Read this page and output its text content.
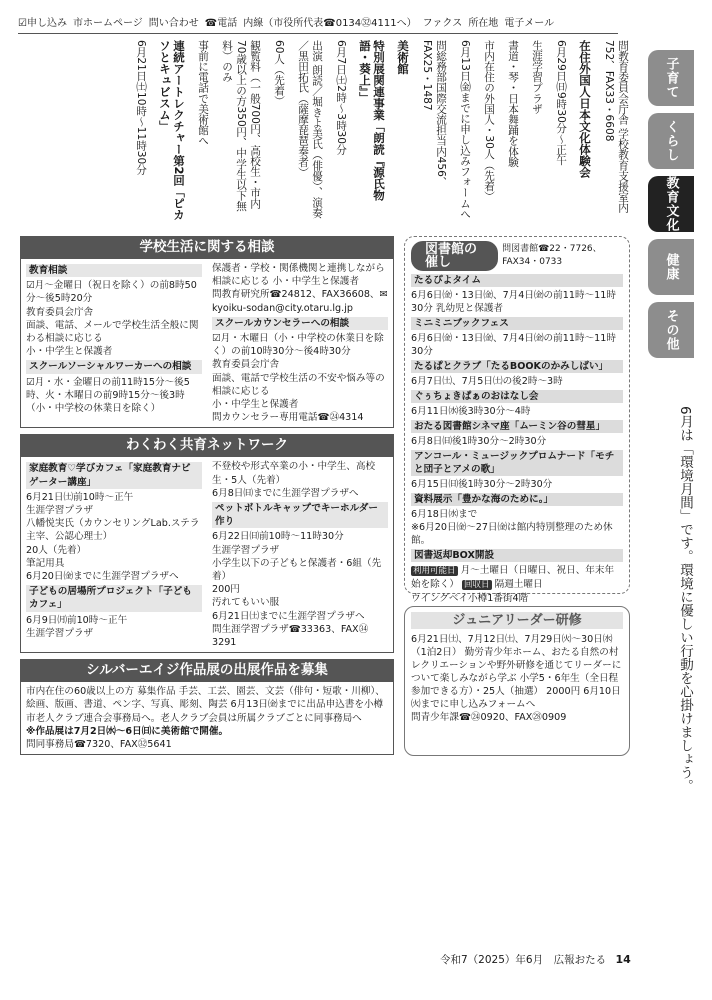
☑申し込み 市ホームページ 問い合わせ ☎電話 内線（市役所代表☎0134㉜4111へ） ファクス 所在地 電子メール
問教育委員会庁舎 学校教育支援室内752、FAX33・6608
在住外国人日本文化体験会
6月29日㈰9時30分～正午
生涯学習プラザ
書道・琴・日本舞踊を体験
市内在住の外国人・30人（先着）
6月13日㈮までに申し込みフォームへ
問総務部国際交流担当内456、FAX25・1487
美術館
特別展関連事業「朗読『源氏物語・葵上』」
6月7日㈯2時～3時30分
出演 朗読／堀きよ美氏（俳優）、演奏／黒田拓氏（薩摩琵琶奏者）
60人（先着）
観覧料（一般700円、高校生・市内70歳以上の方350円、中学生以下無料）のみ
事前に電話で美術館へ
連続アートレクチャー第2回「ピカソとキュビスム」
6月21日㈯10時～11時30分	子育て
くらし
教育文化
健康
その他
6月は「環境月間」です。環境に優しい行動を心掛けましょう。
学校生活に関する相談
教育相談
☑月～金曜日（祝日を除く）の前8時50分～後5時20分
教育委員会庁舎
面談、電話、メールで学校生活全般に関わる相談に応じる
小・中学生と保護者
スクールソーシャルワーカーへの相談
☑月・水・金曜日の前11時15分～後5時、火・木曜日の前9時15分～後3時（小・中学校の休業日を除く）
保護者・学校・関係機関と連携しながら相談に応じる 小・中学生と保護者
問教育研究所☎24812、FAX36608、✉kyoiku-sodan@city.otaru.lg.jp
スクールカウンセラーへの相談
☑月・木曜日（小・中学校の休業日を除く）の前10時30分～後4時30分
教育委員会庁舎
面談、電話で学校生活の不安や悩み等の相談に応じる
小・中学生と保護者
問カウンセラー専用電話☎㉔4314
わくわく共育ネットワーク
家庭教育♡学びカフェ「家庭教育ナビゲーター講座」
6月21日㈯前10時～正午
生涯学習プラザ
八幡悦実氏（カウンセリングLab.ステラ主宰、公認心理士）
20人（先着）
筆記用具
6月20日㈮までに生涯学習プラザへ
子どもの居場所プロジェクト「子どもカフェ」
6月9日㈪前10時～正午
生涯学習プラザ
不登校や形式卒業の小・中学生、高校生・5人（先着）
6月8日㈰までに生涯学習プラザへ
ペットボトルキャップでキーホルダー作り
6月22日㈰前10時～11時30分
生涯学習プラザ
小学生以下の子どもと保護者・6組（先着）
200円
汚れてもいい服
6月21日㈯までに生涯学習プラザへ
問生涯学習プラザ☎33363、FAX㉞3291
シルバーエイジ作品展の出展作品を募集
市内在住の60歳以上の方 募集作品 手芸、工芸、園芸、文芸（俳句・短歌・川柳）、絵画、版画、書道、ペン字、写真、彫刻、陶芸 6月13日㈮までに出品申込書を小樽市老人クラブ連合会事務局へ。老人クラブ会員は所属クラブごとに同事務局へ
※作品展は7月2日㈬～6日㈰に美術館で開催。
問同事務局☎7320、FAX㉜5641
図書館の催し
問図書館☎22・7726、FAX34・0733
たるぴよタイム
6月6日㈮・13日㈮、7月4日㈮の前11時～11時30分 乳幼児と保護者
ミニミニブックフェス
6月6日㈮・13日㈮、7月4日㈮の前11時～11時30分
たるぱとクラブ「たるBOOKのかみしばい」
6月7日㈯、7月5日㈯の後2時～3時
ぐぅちょきぱぁのおはなし会
6月11日㈬後3時30分～4時
おたる図書館シネマ座「ムーミン谷の彗星」
6月8日㈰後1時30分～2時30分
アンコール・ミュージックプロムナード「モチと団子とアメの歌」
6月15日㈰後1時30分～2時30分
資料展示「豊かな海のために。」
6月18日㈬まで
※6月20日㈮～27日㈮は館内特別整理のため休館。
図書返却BOX開設
利用可能日 月～土曜日（日曜日、祝日、年末年始を除く） 回収日 隔週土曜日
ウイングベイ小樽1番街4階
ジュニアリーダー研修
6月21日㈯、7月12日㈯、7月29日㈫～30日㈬（1泊2日） 勤労青少年ホーム、おたる自然の村 レクリエーションや野外研修を通じてリーダーについて楽しみながら学ぶ 小学5・6年生（全日程参加できる方）・25人（抽選） 2000円 6月10日㈫までに申し込みフォームへ
問青少年課☎㉔0920、FAX㉘0909
令和7（2025）年6月　広報おたる 14
